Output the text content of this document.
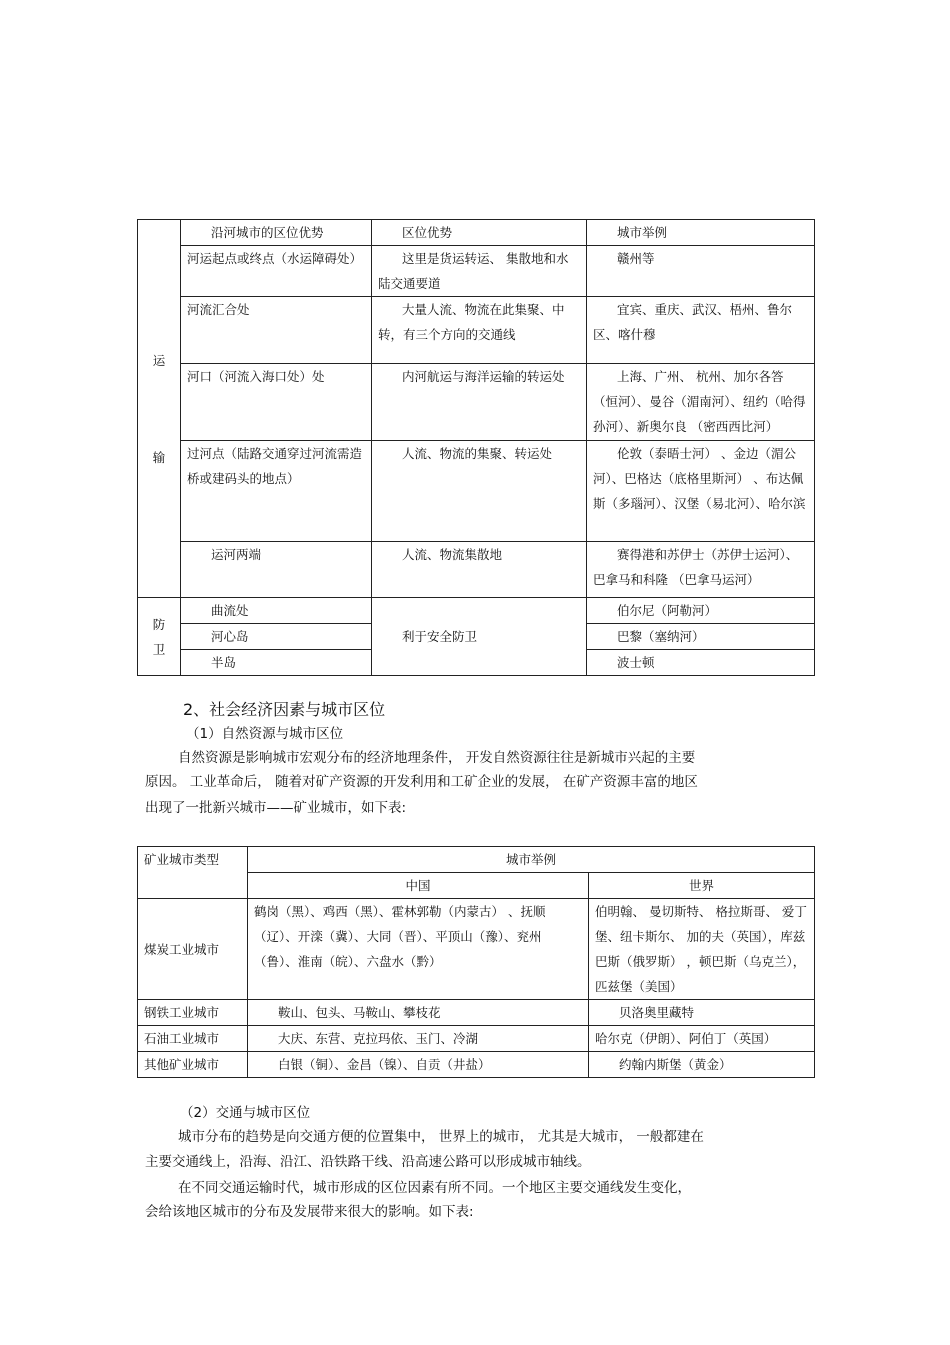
运
输	沿河城市的区位优势	区位优势	城市举例
	河运起点或终点（水运障碍处）	这里是货运转运、 集散地和水陆交通要道	赣州等
	河流汇合处	大量人流、物流在此集聚、中转，有三个方向的交通线	宜宾、重庆、武汉、梧州、鲁尔区、喀什穆
	河口（河流入海口处）处	内河航运与海洋运输的转运处	上海、广州、 杭州、加尔各答（恒河）、曼谷（湄南河）、纽约（哈得孙河）、新奥尔良 （密西西比河）
	过河点（陆路交通穿过河流需造桥或建码头的地点）	人流、物流的集聚、转运处	伦敦（泰晤士河） 、金边（湄公河）、巴格达（底格里斯河） 、布达佩斯（多瑙河）、汉堡（易北河）、哈尔滨
	运河两端	人流、物流集散地	赛得港和苏伊士（苏伊士运河）、巴拿马和科隆 （巴拿马运河）

防
卫	曲流处	利于安全防卫	伯尔尼（阿勒河）
	河心岛		巴黎（塞纳河）
	半岛		波士顿
2、社会经济因素与城市区位
（1）自然资源与城市区位
自然资源是影响城市宏观分布的经济地理条件， 开发自然资源往往是新城市兴起的主要
原因。 工业革命后， 随着对矿产资源的开发利用和工矿企业的发展， 在矿产资源丰富的地区
出现了一批新兴城市——矿业城市，如下表:
矿业城市类型	城市举例	
	中国	世界
煤炭工业城市	鹤岗（黑）、鸡西（黑）、霍林郭勒（内蒙古） 、抚顺（辽）、开滦（冀）、大同（晋）、平顶山（豫）、兖州（鲁）、淮南（皖）、六盘水（黔）	伯明翰、 曼切斯特、 格拉斯哥、 爱丁堡、纽卡斯尔、 加的夫（英国），库兹巴斯（俄罗斯） ，顿巴斯（乌克兰），匹兹堡（美国）
钢铁工业城市	鞍山、包头、马鞍山、攀枝花	贝洛奥里藏特
石油工业城市	大庆、东营、克拉玛依、玉门、冷湖	哈尔克（伊朗）、阿伯丁（英国）
其他矿业城市	白银（铜）、金昌（镍）、自贡（井盐）	约翰内斯堡（黄金）
（2）交通与城市区位
城市分布的趋势是向交通方便的位置集中， 世界上的城市， 尤其是大城市， 一般都建在
主要交通线上，沿海、沿江、沿铁路干线、沿高速公路可以形成城市轴线。
在不同交通运输时代，城市形成的区位因素有所不同。一个地区主要交通线发生变化，
会给该地区城市的分布及发展带来很大的影响。如下表:
